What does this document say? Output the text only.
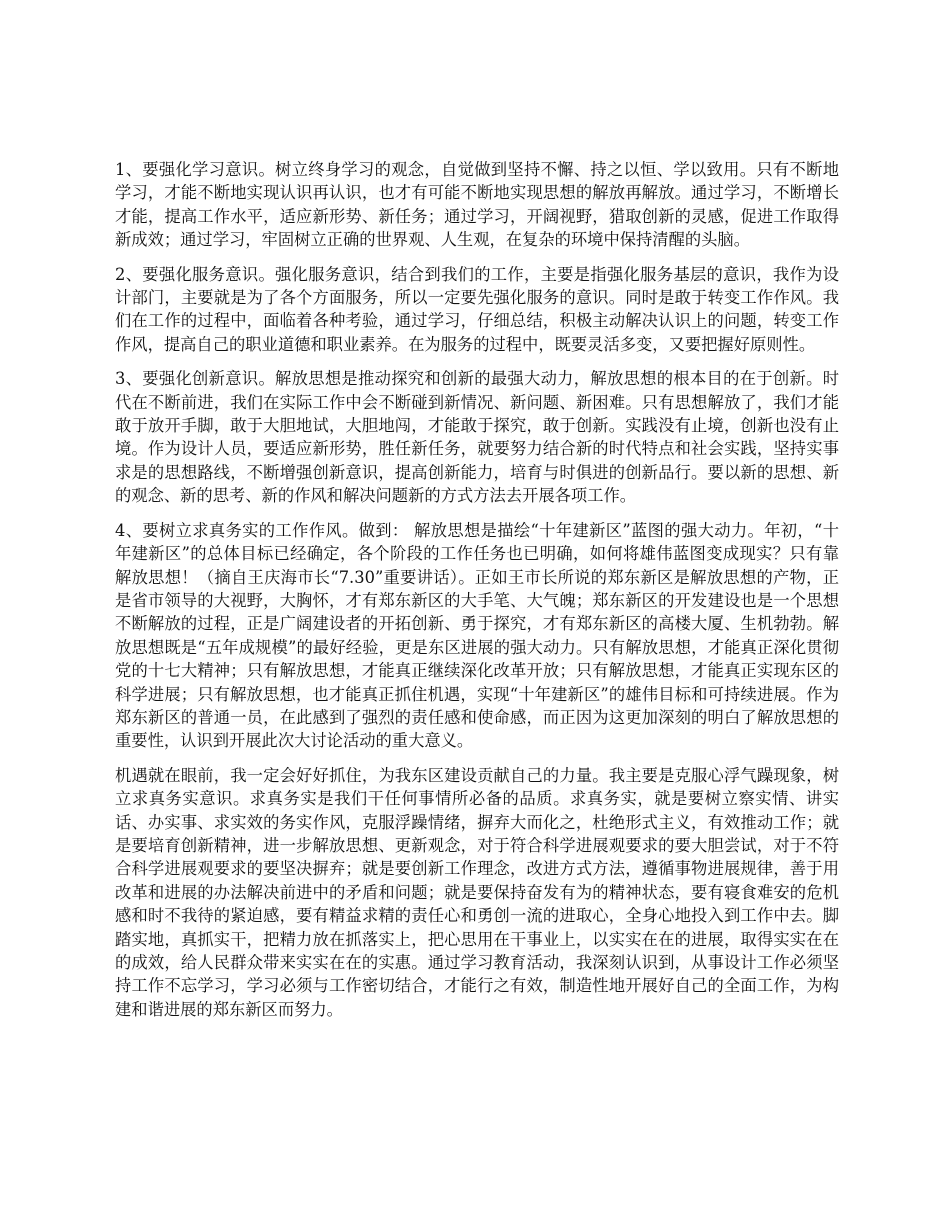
1、要强化学习意识。树立终身学习的观念，自觉做到坚持不懈、持之以恒、学以致用。只有不断地学习，才能不断地实现认识再认识，也才有可能不断地实现思想的解放再解放。通过学习，不断增长才能，提高工作水平，适应新形势、新任务；通过学习，开阔视野，猎取创新的灵感，促进工作取得新成效；通过学习，牢固树立正确的世界观、人生观，在复杂的环境中保持清醒的头脑。

2、要强化服务意识。强化服务意识，结合到我们的工作，主要是指强化服务基层的意识，我作为设计部门，主要就是为了各个方面服务，所以一定要先强化服务的意识。同时是敢于转变工作作风。我们在工作的过程中，面临着各种考验，通过学习，仔细总结，积极主动解决认识上的问题，转变工作作风，提高自己的职业道德和职业素养。在为服务的过程中，既要灵活多变，又要把握好原则性。

3、要强化创新意识。解放思想是推动探究和创新的最强大动力，解放思想的根本目的在于创新。时代在不断前进，我们在实际工作中会不断碰到新情况、新问题、新困难。只有思想解放了，我们才能敢于放开手脚，敢于大胆地试，大胆地闯，才能敢于探究，敢于创新。实践没有止境，创新也没有止境。作为设计人员，要适应新形势，胜任新任务，就要努力结合新的时代特点和社会实践，坚持实事求是的思想路线，不断增强创新意识，提高创新能力，培育与时俱进的创新品行。要以新的思想、新的观念、新的思考、新的作风和解决问题新的方式方法去开展各项工作。

4、要树立求真务实的工作作风。做到： 解放思想是描绘“十年建新区”蓝图的强大动力。年初，“十年建新区”的总体目标已经确定，各个阶段的工作任务也已明确，如何将雄伟蓝图变成现实？只有靠解放思想！（摘自王庆海市长“7.30”重要讲话）。正如王市长所说的郑东新区是解放思想的产物，正是省市领导的大视野，大胸怀，才有郑东新区的大手笔、大气魄；郑东新区的开发建设也是一个思想不断解放的过程，正是广阔建设者的开拓创新、勇于探究，才有郑东新区的高楼大厦、生机勃勃。解放思想既是“五年成规模”的最好经验，更是东区进展的强大动力。只有解放思想，才能真正深化贯彻党的十七大精神；只有解放思想，才能真正继续深化改革开放；只有解放思想，才能真正实现东区的科学进展；只有解放思想，也才能真正抓住机遇，实现“十年建新区”的雄伟目标和可持续进展。作为郑东新区的普通一员，在此感到了强烈的责任感和使命感，而正因为这更加深刻的明白了解放思想的重要性，认识到开展此次大讨论活动的重大意义。

机遇就在眼前，我一定会好好抓住，为我东区建设贡献自己的力量。我主要是克服心浮气躁现象，树立求真务实意识。求真务实是我们干任何事情所必备的品质。求真务实，就是要树立察实情、讲实话、办实事、求实效的务实作风，克服浮躁情绪，摒弃大而化之，杜绝形式主义，有效推动工作；就是要培育创新精神，进一步解放思想、更新观念，对于符合科学进展观要求的要大胆尝试，对于不符合科学进展观要求的要坚决摒弃；就是要创新工作理念，改进方式方法，遵循事物进展规律，善于用改革和进展的办法解决前进中的矛盾和问题；就是要保持奋发有为的精神状态，要有寝食难安的危机感和时不我待的紧迫感，要有精益求精的责任心和勇创一流的进取心，全身心地投入到工作中去。脚踏实地，真抓实干，把精力放在抓落实上，把心思用在干事业上，以实实在在的进展，取得实实在在的成效，给人民群众带来实实在在的实惠。通过学习教育活动，我深刻认识到，从事设计工作必须坚持工作不忘学习，学习必须与工作密切结合，才能行之有效，制造性地开展好自己的全面工作，为构建和谐进展的郑东新区而努力。
